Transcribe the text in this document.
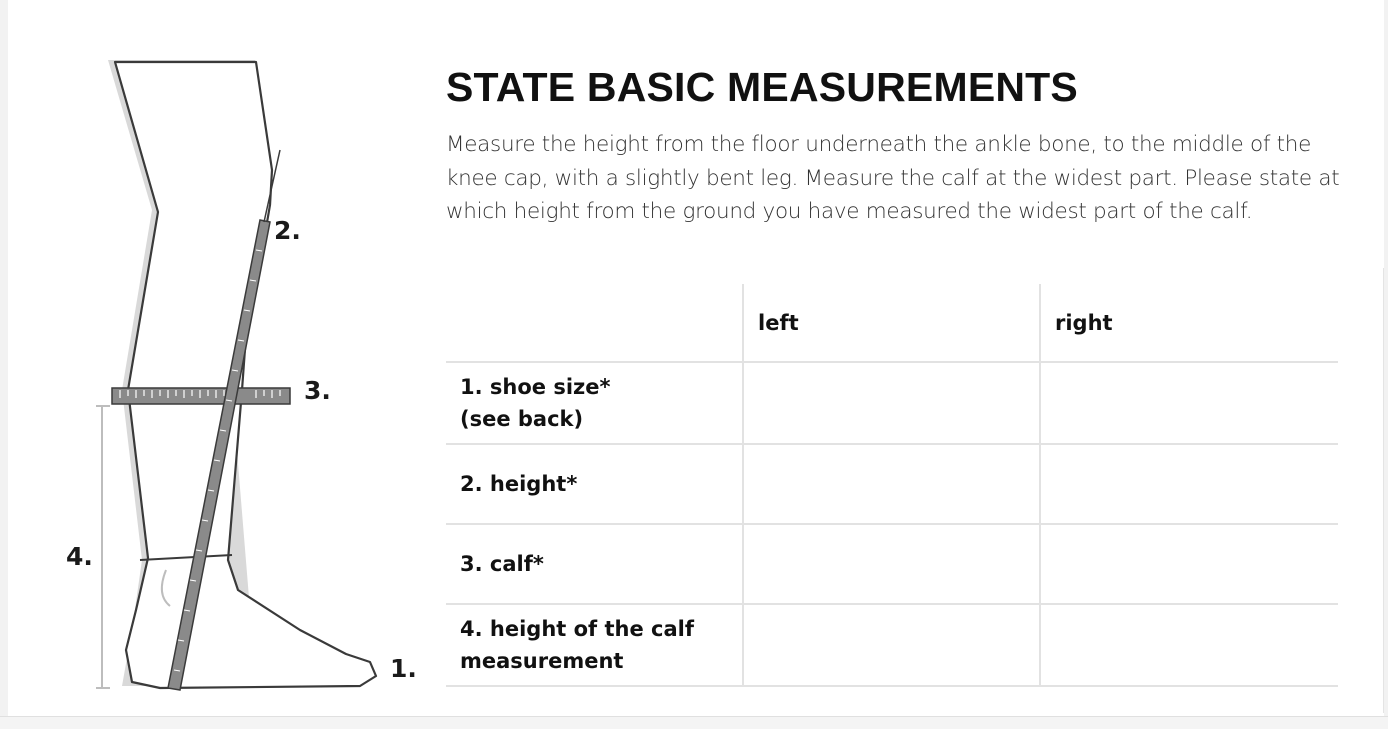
2.
3.
4.
1.
STATE BASIC MEASUREMENTS
Measure the height from the floor underneath the ankle bone, to the middle of the knee cap, with a slightly bent leg. Measure the calf at the widest part. Please state at which height from the ground you have measured the widest part of the calf.
	left	right

1. shoe size*
(see back)		

2. height*		

3. calf*		

4. height of the calf
measurement		
